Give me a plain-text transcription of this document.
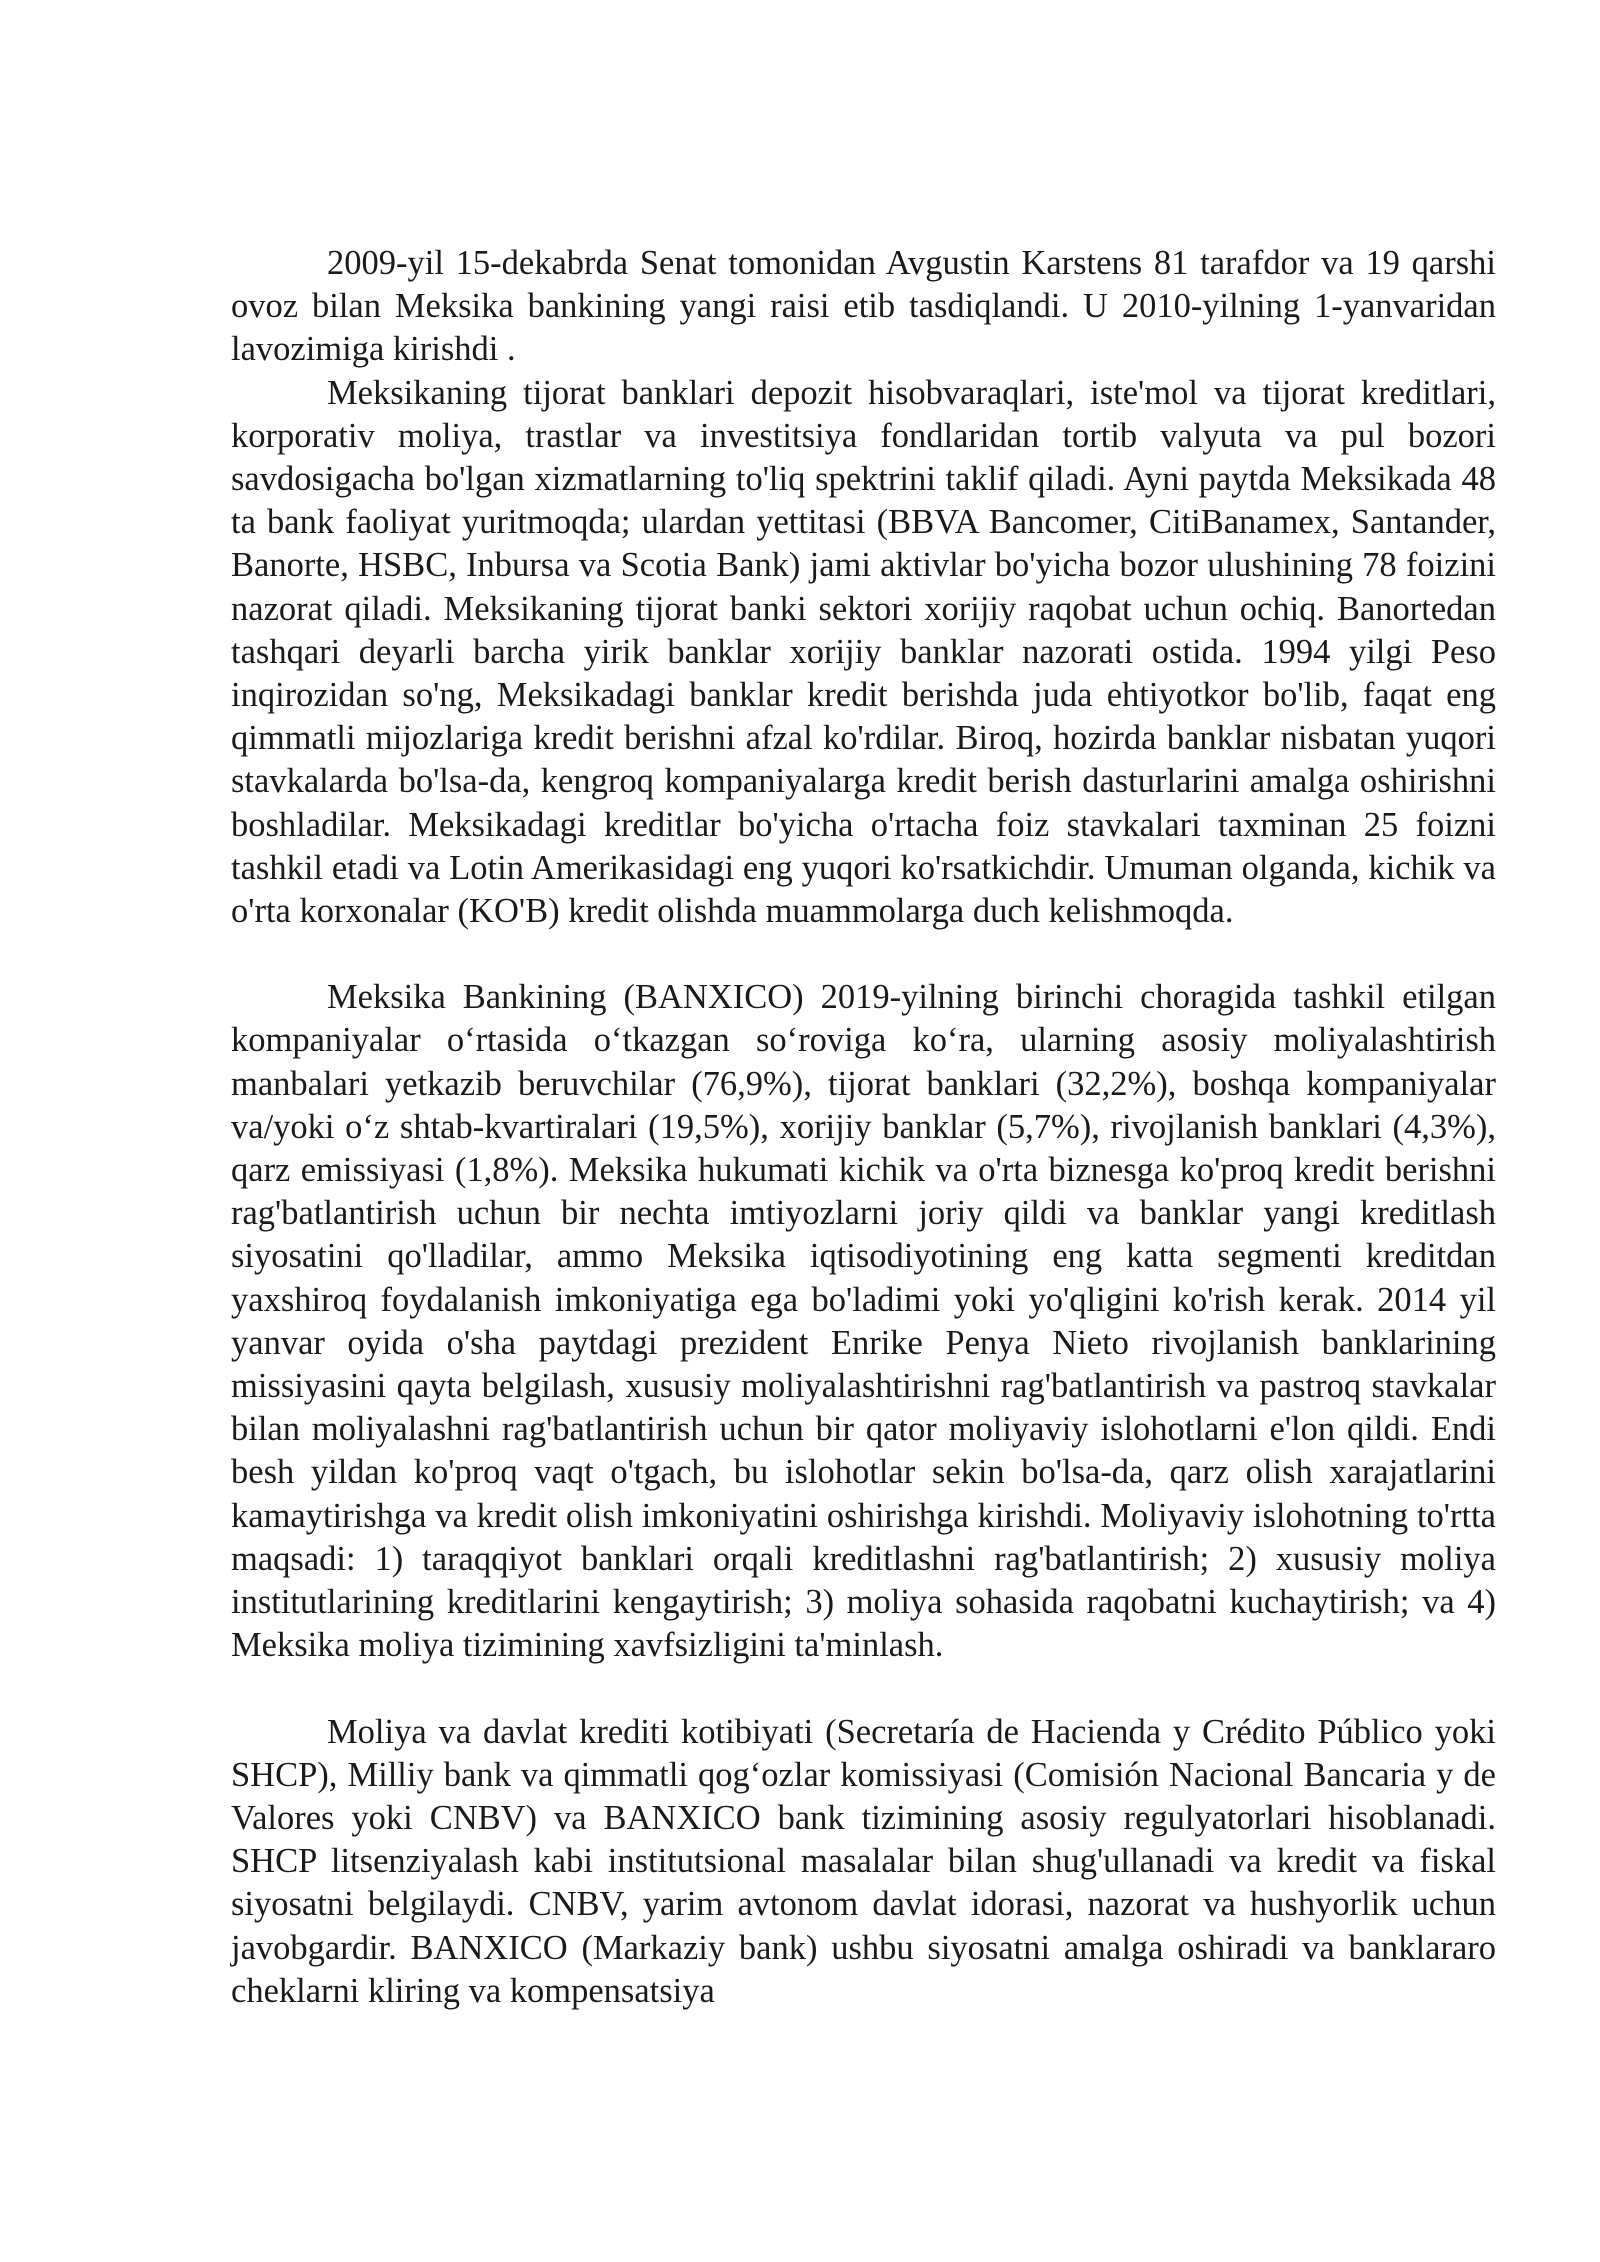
2009-yil 15-dekabrda Senat tomonidan Avgustin Karstens 81 tarafdor va 19 qarshi ovoz bilan Meksika bankining yangi raisi etib tasdiqlandi. U 2010-yilning 1-yanvaridan lavozimiga kirishdi .

Meksikaning tijorat banklari depozit hisobvaraqlari, iste'mol va tijorat kreditlari, korporativ moliya, trastlar va investitsiya fondlaridan tortib valyuta va pul bozori savdosigacha bo'lgan xizmatlarning to'liq spektrini taklif qiladi. Ayni paytda Meksikada 48 ta bank faoliyat yuritmoqda; ulardan yettitasi (BBVA Bancomer, CitiBanamex, Santander, Banorte, HSBC, Inbursa va Scotia Bank) jami aktivlar bo'yicha bozor ulushining 78 foizini nazorat qiladi. Meksikaning tijorat banki sektori xorijiy raqobat uchun ochiq. Banortedan tashqari deyarli barcha yirik banklar xorijiy banklar nazorati ostida. 1994 yilgi Peso inqirozidan so'ng, Meksikadagi banklar kredit berishda juda ehtiyotkor bo'lib, faqat eng qimmatli mijozlariga kredit berishni afzal ko'rdilar. Biroq, hozirda banklar nisbatan yuqori stavkalarda bo'lsa-da, kengroq kompaniyalarga kredit berish dasturlarini amalga oshirishni boshladilar. Meksikadagi kreditlar bo'yicha o'rtacha foiz stavkalari taxminan 25 foizni tashkil etadi va Lotin Amerikasidagi eng yuqori ko'rsatkichdir. Umuman olganda, kichik va o'rta korxonalar (KO'B) kredit olishda muammolarga duch kelishmoqda.

Meksika Bankining (BANXICO) 2019-yilning birinchi choragida tashkil etilgan kompaniyalar o‘rtasida o‘tkazgan so‘roviga ko‘ra, ularning asosiy moliyalashtirish manbalari yetkazib beruvchilar (76,9%), tijorat banklari (32,2%), boshqa kompaniyalar va/yoki o‘z shtab-kvartiralari (19,5%), xorijiy banklar (5,7%), rivojlanish banklari (4,3%), qarz emissiyasi (1,8%). Meksika hukumati kichik va o'rta biznesga ko'proq kredit berishni rag'batlantirish uchun bir nechta imtiyozlarni joriy qildi va banklar yangi kreditlash siyosatini qo'lladilar, ammo Meksika iqtisodiyotining eng katta segmenti kreditdan yaxshiroq foydalanish imkoniyatiga ega bo'ladimi yoki yo'qligini ko'rish kerak. 2014 yil yanvar oyida o'sha paytdagi prezident Enrike Penya Nieto rivojlanish banklarining missiyasini qayta belgilash, xususiy moliyalashtirishni rag'batlantirish va pastroq stavkalar bilan moliyalashni rag'batlantirish uchun bir qator moliyaviy islohotlarni e'lon qildi. Endi besh yildan ko'proq vaqt o'tgach, bu islohotlar sekin bo'lsa-da, qarz olish xarajatlarini kamaytirishga va kredit olish imkoniyatini oshirishga kirishdi. Moliyaviy islohotning to'rtta maqsadi: 1) taraqqiyot banklari orqali kreditlashni rag'batlantirish; 2) xususiy moliya institutlarining kreditlarini kengaytirish; 3) moliya sohasida raqobatni kuchaytirish; va 4) Meksika moliya tizimining xavfsizligini ta'minlash.

Moliya va davlat krediti kotibiyati (Secretaría de Hacienda y Crédito Público yoki SHCP), Milliy bank va qimmatli qog‘ozlar komissiyasi (Comisión Nacional Bancaria y de Valores yoki CNBV) va BANXICO bank tizimining asosiy regulyatorlari hisoblanadi. SHCP litsenziyalash kabi institutsional masalalar bilan shug'ullanadi va kredit va fiskal siyosatni belgilaydi. CNBV, yarim avtonom davlat idorasi, nazorat va hushyorlik uchun javobgardir. BANXICO (Markaziy bank) ushbu siyosatni amalga oshiradi va banklararo cheklarni kliring va kompensatsiya
